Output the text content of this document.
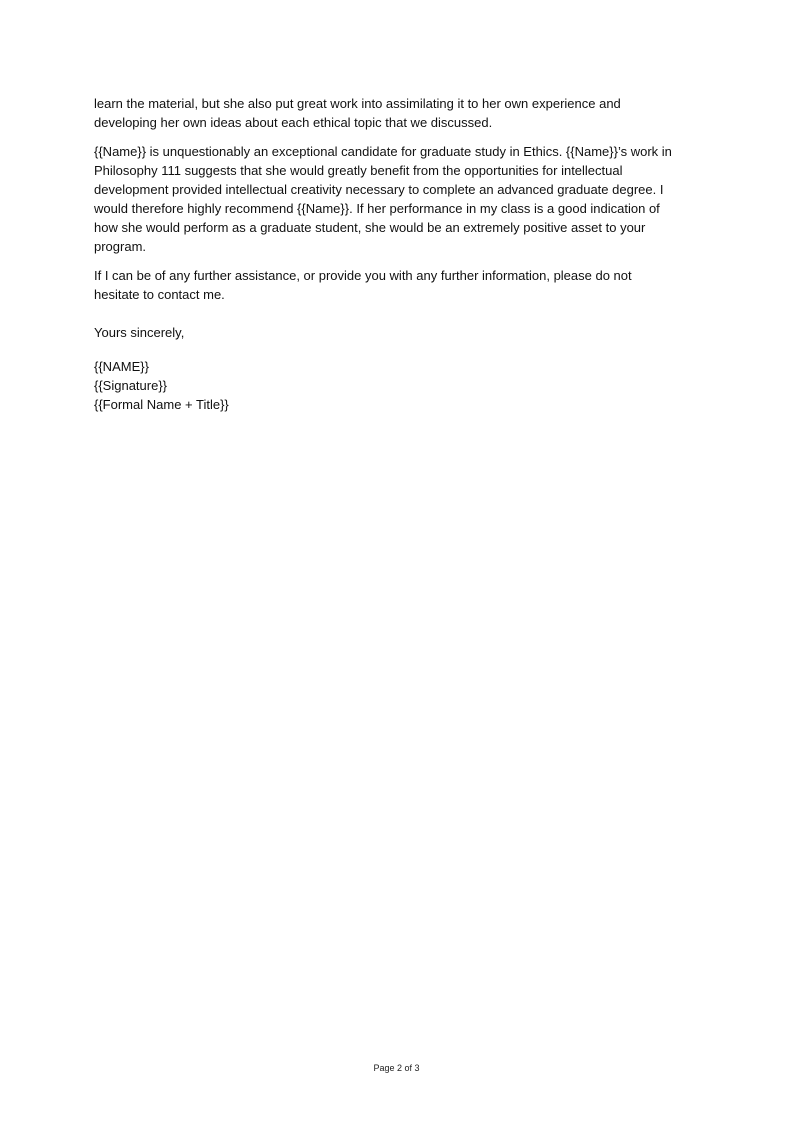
learn the material, but she also put great work into assimilating it to her own experience and
developing her own ideas about each ethical topic that we discussed.

{{Name}} is unquestionably an exceptional candidate for graduate study in Ethics. {{Name}}’s work in
Philosophy 111 suggests that she would greatly benefit from the opportunities for intellectual
development provided intellectual creativity necessary to complete an advanced graduate degree. I
would therefore highly recommend {{Name}}. If her performance in my class is a good indication of
how she would perform as a graduate student, she would be an extremely positive asset to your
program.

If I can be of any further assistance, or provide you with any further information, please do not
hesitate to contact me.

Yours sincerely,

{{NAME}}
{{Signature}}
{{Formal Name + Title}}
Page 2 of 3
